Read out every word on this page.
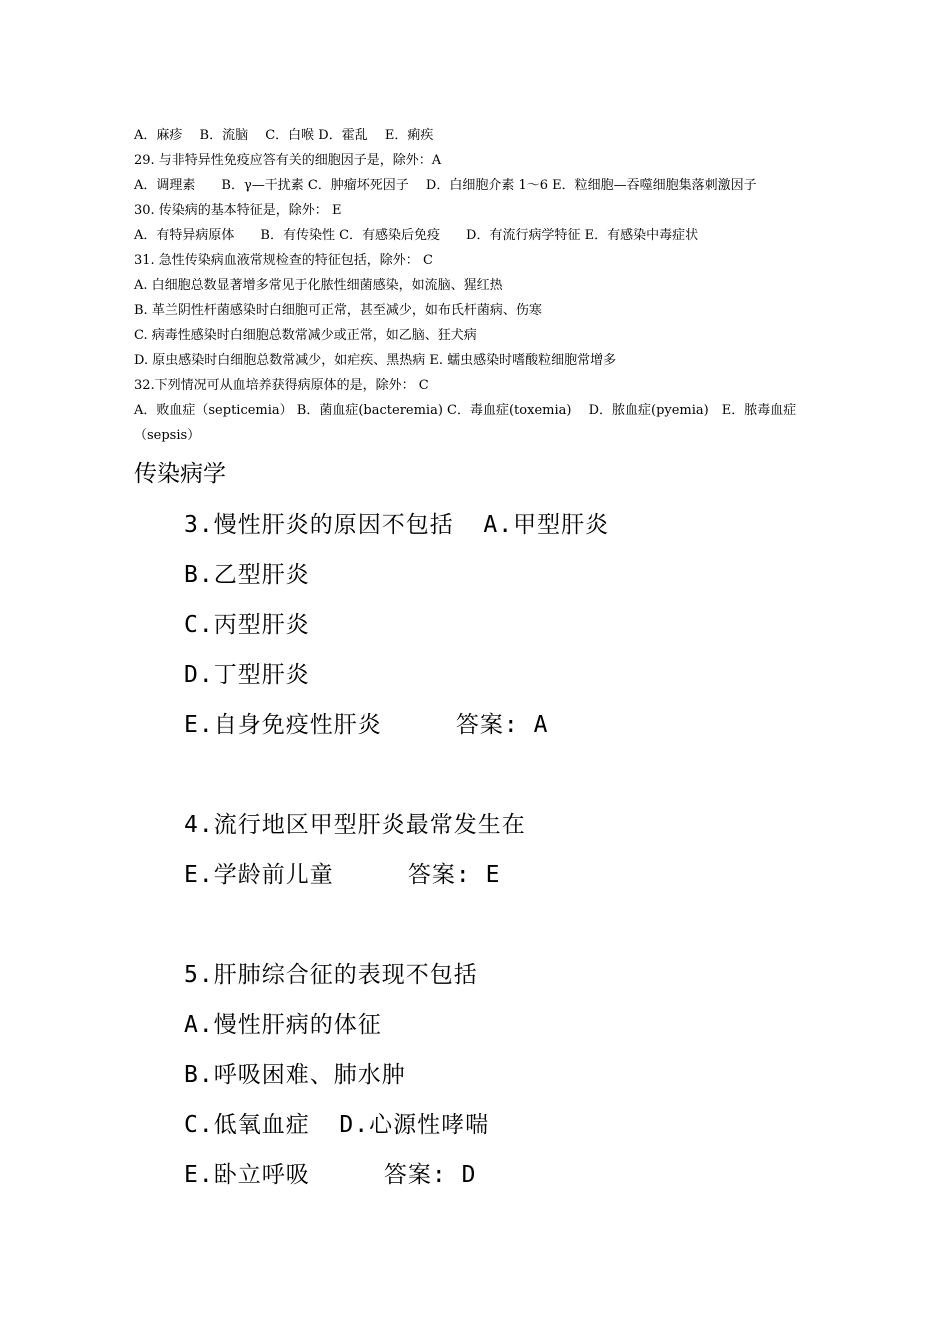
A．麻疹　 B．流脑　 C．白喉 D．霍乱　 E．痢疾
29. 与非特异性免疫应答有关的细胞因子是，除外：A
A．调理素　　B．γ—干扰素 C．肿瘤坏死因子　 D．白细胞介素 1～6 E．粒细胞—吞噬细胞集落刺激因子
30. 传染病的基本特征是，除外： E
A．有特异病原体　　B．有传染性 C．有感染后免疫　　D．有流行病学特征 E．有感染中毒症状
31. 急性传染病血液常规检查的特征包括，除外： C
A. 白细胞总数显著增多常见于化脓性细菌感染，如流脑、猩红热
B. 革兰阴性杆菌感染时白细胞可正常，甚至减少，如布氏杆菌病、伤寒
C. 病毒性感染时白细胞总数常减少或正常，如乙脑、狂犬病
D. 原虫感染时白细胞总数常减少，如疟疾、黑热病 E. 蠕虫感染时嗜酸粒细胞常增多
32.下列情况可从血培养获得病原体的是，除外： C
A．败血症（septicemia） B．菌血症(bacteremia) C．毒血症(toxemia)　 D．脓血症(pyemia)　E．脓毒血症
（sepsis）
传染病学
3.慢性肝炎的原因不包括  A.甲型肝炎
B.乙型肝炎
C.丙型肝炎
D.丁型肝炎
E.自身免疫性肝炎     答案: A
4.流行地区甲型肝炎最常发生在
E.学龄前儿童     答案: E
5.肝肺综合征的表现不包括
A.慢性肝病的体征
B.呼吸困难、肺水肿
C.低氧血症  D.心源性哮喘
E.卧立呼吸     答案: D
